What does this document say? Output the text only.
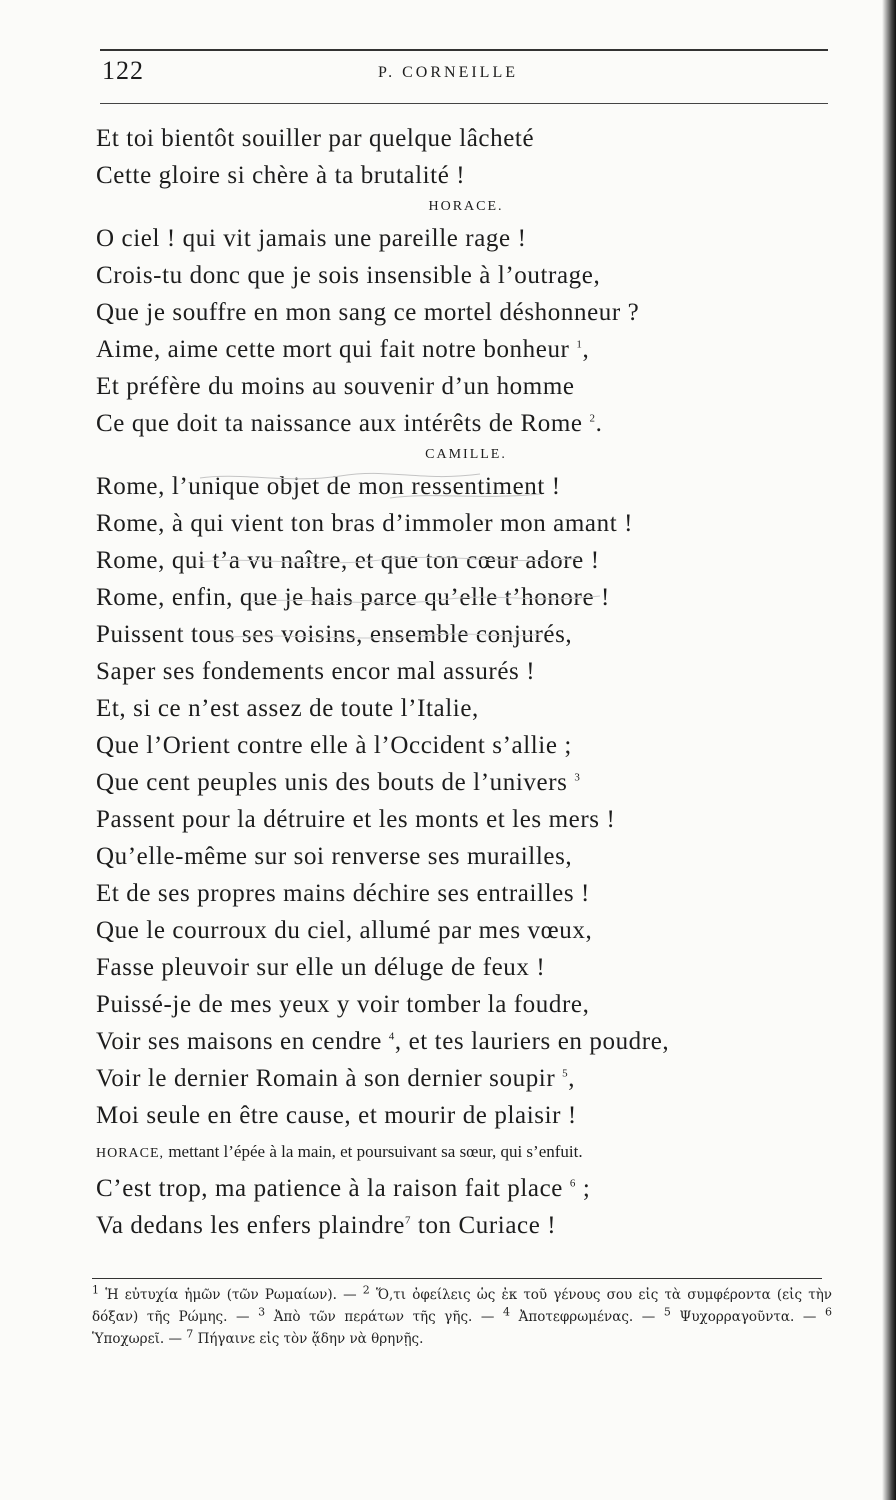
122	P. CORNEILLE
Et toi bientôt souiller par quelque lâcheté
Cette gloire si chère à ta brutalité !
HORACE.
O ciel ! qui vit jamais une pareille rage !
Crois-tu donc que je sois insensible à l’outrage,
Que je souffre en mon sang ce mortel déshonneur ?
Aime, aime cette mort qui fait notre bonheur $^1$,
Et préfère du moins au souvenir d’un homme
Ce que doit ta naissance aux intérêts de Rome $^2$.
CAMILLE.
Rome, l’unique objet de mon ressentiment !
Rome, à qui vient ton bras d’immoler mon amant !
Rome, qui t’a vu naître, et que ton cœur adore !
Rome, enfin, que je hais parce qu’elle t’honore !
Puissent tous ses voisins, ensemble conjurés,
Saper ses fondements encor mal assurés !
Et, si ce n’est assez de toute l’Italie,
Que l’Orient contre elle à l’Occident s’allie ;
Que cent peuples unis des bouts de l’univers $^3$
Passent pour la détruire et les monts et les mers !
Qu’elle-même sur soi renverse ses murailles,
Et de ses propres mains déchire ses entrailles !
Que le courroux du ciel, allumé par mes vœux,
Fasse pleuvoir sur elle un déluge de feux !
Puissé-je de mes yeux y voir tomber la foudre,
Voir ses maisons en cendre $^4$, et tes lauriers en poudre,
Voir le dernier Romain à son dernier soupir $^5$,
Moi seule en être cause, et mourir de plaisir !
HORACE, mettant l’épée à la main, et poursuivant sa sœur, qui s’enfuit.
C’est trop, ma patience à la raison fait place $^6$ ;
Va dedans les enfers plaindre$^7$ ton Curiace !
$^1$ Ἡ εὐτυχία ἡμῶν (τῶν Ρωμαίων). — $^2$ Ὅ,τι ὀφείλεις ὡς ἐκ τοῦ γένους σου εἰς τὰ συμφέροντα (εἰς τὴν δόξαν) τῆς Ρώμης. — $^3$ Ἀπὸ τῶν περάτων τῆς γῆς. — $^4$ Ἀποτεφρωμένας. — $^5$ Ψυχορραγοῦντα. — $^6$ Ὑποχωρεῖ. — $^7$ Πήγαινε εἰς τὸν ᾅδην νὰ θρηνῇς.
